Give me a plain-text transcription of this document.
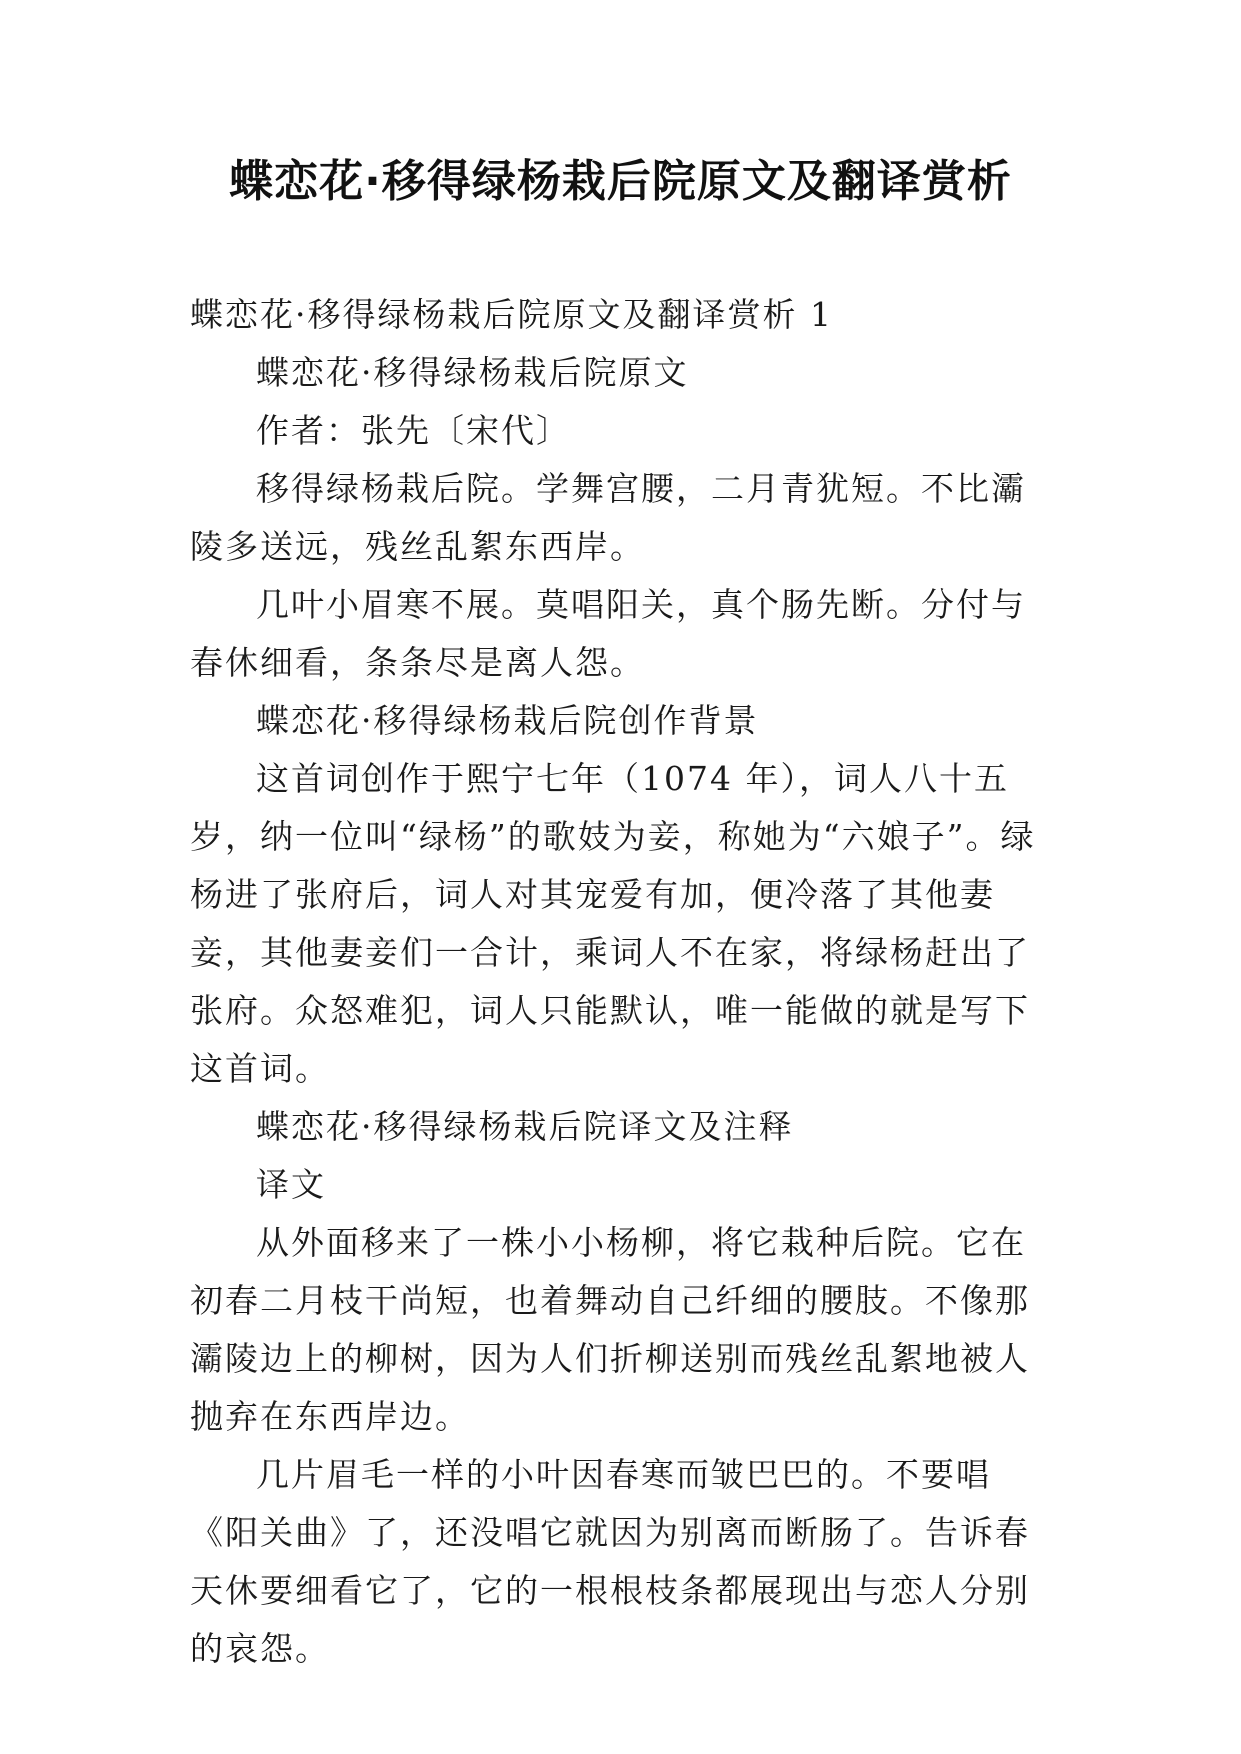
蝶恋花·移得绿杨栽后院原文及翻译赏析

蝶恋花·移得绿杨栽后院原文及翻译赏析 1

蝶恋花·移得绿杨栽后院原文

作者：张先〔宋代〕

移得绿杨栽后院。学舞宫腰，二月青犹短。不比灞陵多送远，残丝乱絮东西岸。

几叶小眉寒不展。莫唱阳关，真个肠先断。分付与春休细看，条条尽是离人怨。

蝶恋花·移得绿杨栽后院创作背景

这首词创作于熙宁七年（1074 年），词人八十五岁，纳一位叫“绿杨”的歌妓为妾，称她为“六娘子”。绿杨进了张府后，词人对其宠爱有加，便冷落了其他妻妾，其他妻妾们一合计，乘词人不在家，将绿杨赶出了张府。众怒难犯，词人只能默认，唯一能做的就是写下这首词。

蝶恋花·移得绿杨栽后院译文及注释

译文

从外面移来了一株小小杨柳，将它栽种后院。它在初春二月枝干尚短，也着舞动自己纤细的腰肢。不像那灞陵边上的柳树，因为人们折柳送别而残丝乱絮地被人抛弃在东西岸边。

几片眉毛一样的小叶因春寒而皱巴巴的。不要唱《阳关曲》了，还没唱它就因为别离而断肠了。告诉春天休要细看它了，它的一根根枝条都展现出与恋人分别的哀怨。
